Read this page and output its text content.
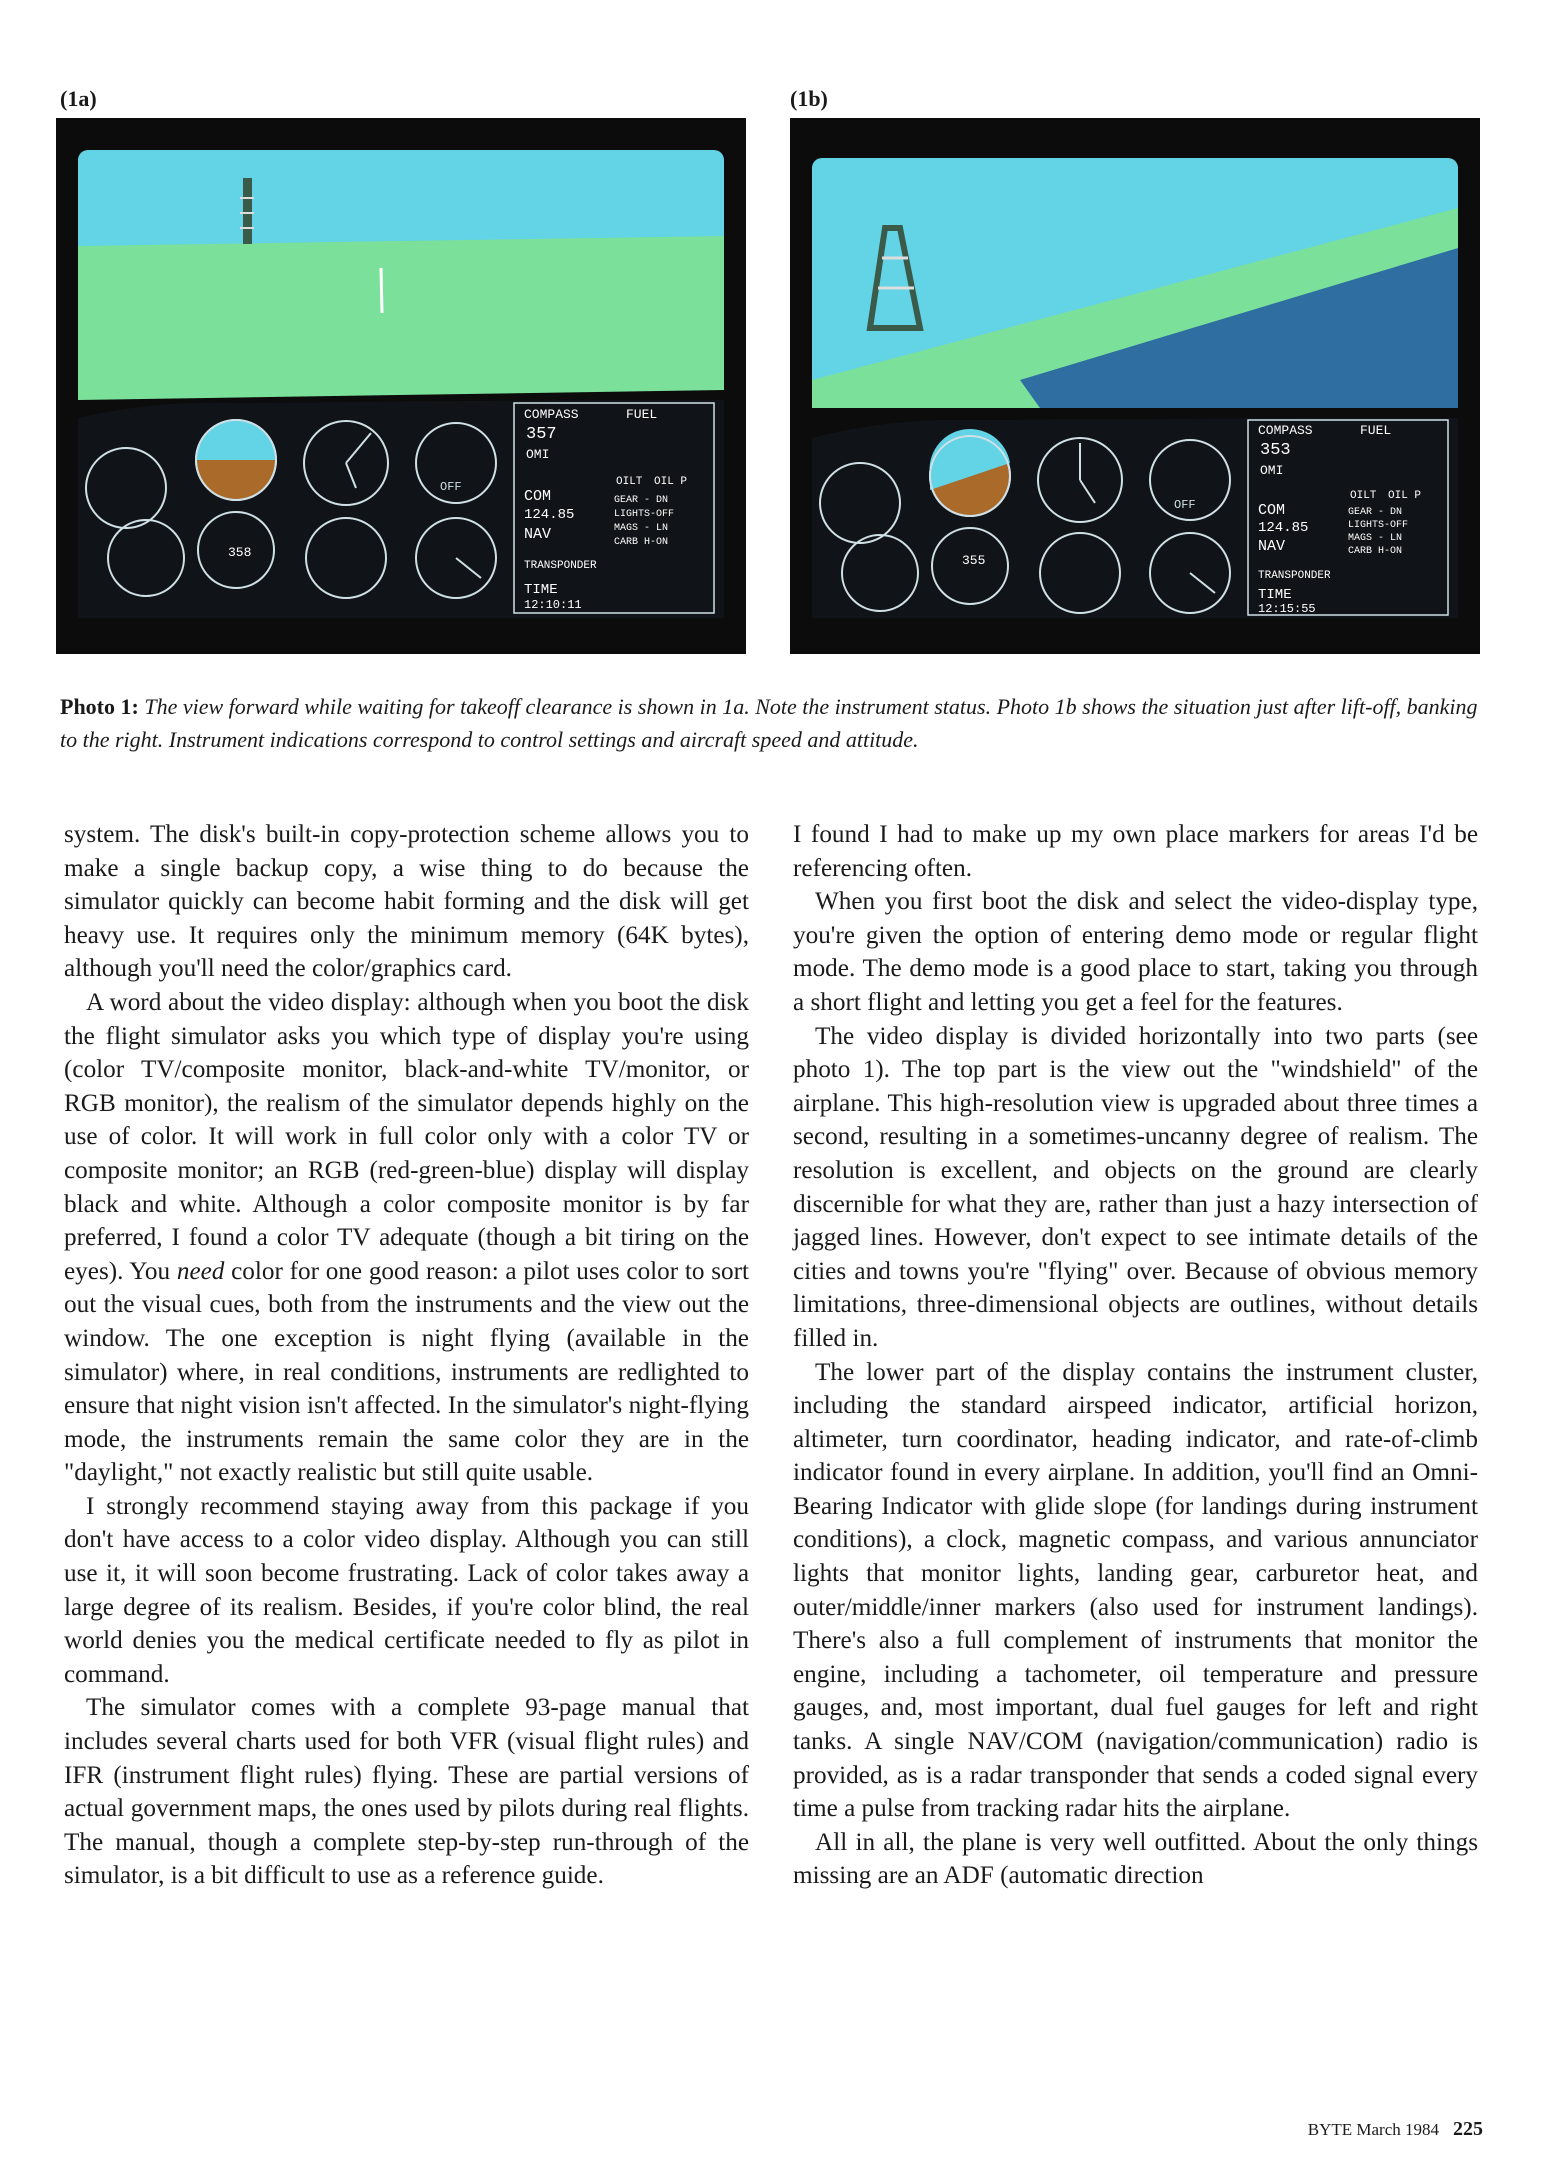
(1a)	(1b)
358
OFF
COMPASS	FUEL
357
OMI
OIL P
OILT
COM
124.85
GEAR - DN
LIGHTS-OFF
MAGS - LN
CARB H-ON
NAV
TRANSPONDER
TIME
12:10:11
355
OFF
COMPASS	FUEL
353
OMI
OIL P
OILT
COM
124.85
GEAR - DN
LIGHTS-OFF
MAGS - LN
CARB H-ON
NAV
TRANSPONDER
TIME
12:15:55
Photo 1: The view forward while waiting for takeoff clearance is shown in 1a. Note the instrument status. Photo 1b shows the situation just after lift-off, banking to the right. Instrument indications correspond to control settings and aircraft speed and attitude.

system. The disk's built-in copy-protection scheme allows you to make a single backup copy, a wise thing to do because the simulator quickly can become habit forming and the disk will get heavy use. It requires only the minimum memory (64K bytes), although you'll need the color/graphics card.

A word about the video display: although when you boot the disk the flight simulator asks you which type of display you're using (color TV/composite monitor, black-and-white TV/monitor, or RGB monitor), the realism of the simulator depends highly on the use of color. It will work in full color only with a color TV or composite monitor; an RGB (red-green-blue) display will display black and white. Although a color composite monitor is by far preferred, I found a color TV adequate (though a bit tiring on the eyes). You need color for one good reason: a pilot uses color to sort out the visual cues, both from the instruments and the view out the window. The one exception is night flying (available in the simulator) where, in real conditions, instruments are redlighted to ensure that night vision isn't affected. In the simulator's night-flying mode, the instruments remain the same color they are in the "daylight," not exactly realistic but still quite usable.

I strongly recommend staying away from this package if you don't have access to a color video display. Although you can still use it, it will soon become frustrating. Lack of color takes away a large degree of its realism. Besides, if you're color blind, the real world denies you the medical certificate needed to fly as pilot in command.

The simulator comes with a complete 93-page manual that includes several charts used for both VFR (visual flight rules) and IFR (instrument flight rules) flying. These are partial versions of actual government maps, the ones used by pilots during real flights. The manual, though a complete step-by-step run-through of the simulator, is a bit difficult to use as a reference guide.

I found I had to make up my own place markers for areas I'd be referencing often.

When you first boot the disk and select the video-display type, you're given the option of entering demo mode or regular flight mode. The demo mode is a good place to start, taking you through a short flight and letting you get a feel for the features.

The video display is divided horizontally into two parts (see photo 1). The top part is the view out the "windshield" of the airplane. This high-resolution view is upgraded about three times a second, resulting in a sometimes-uncanny degree of realism. The resolution is excellent, and objects on the ground are clearly discernible for what they are, rather than just a hazy intersection of jagged lines. However, don't expect to see intimate details of the cities and towns you're "flying" over. Because of obvious memory limitations, three-dimensional objects are outlines, without details filled in.

The lower part of the display contains the instrument cluster, including the standard airspeed indicator, artificial horizon, altimeter, turn coordinator, heading indicator, and rate-of-climb indicator found in every airplane. In addition, you'll find an Omni-Bearing Indicator with glide slope (for landings during instrument conditions), a clock, magnetic compass, and various annunciator lights that monitor lights, landing gear, carburetor heat, and outer/middle/inner markers (also used for instrument landings). There's also a full complement of instruments that monitor the engine, including a tachometer, oil temperature and pressure gauges, and, most important, dual fuel gauges for left and right tanks. A single NAV/COM (navigation/communication) radio is provided, as is a radar transponder that sends a coded signal every time a pulse from tracking radar hits the airplane.

All in all, the plane is very well outfitted. About the only things missing are an ADF (automatic direction

BYTE March 1984 225
